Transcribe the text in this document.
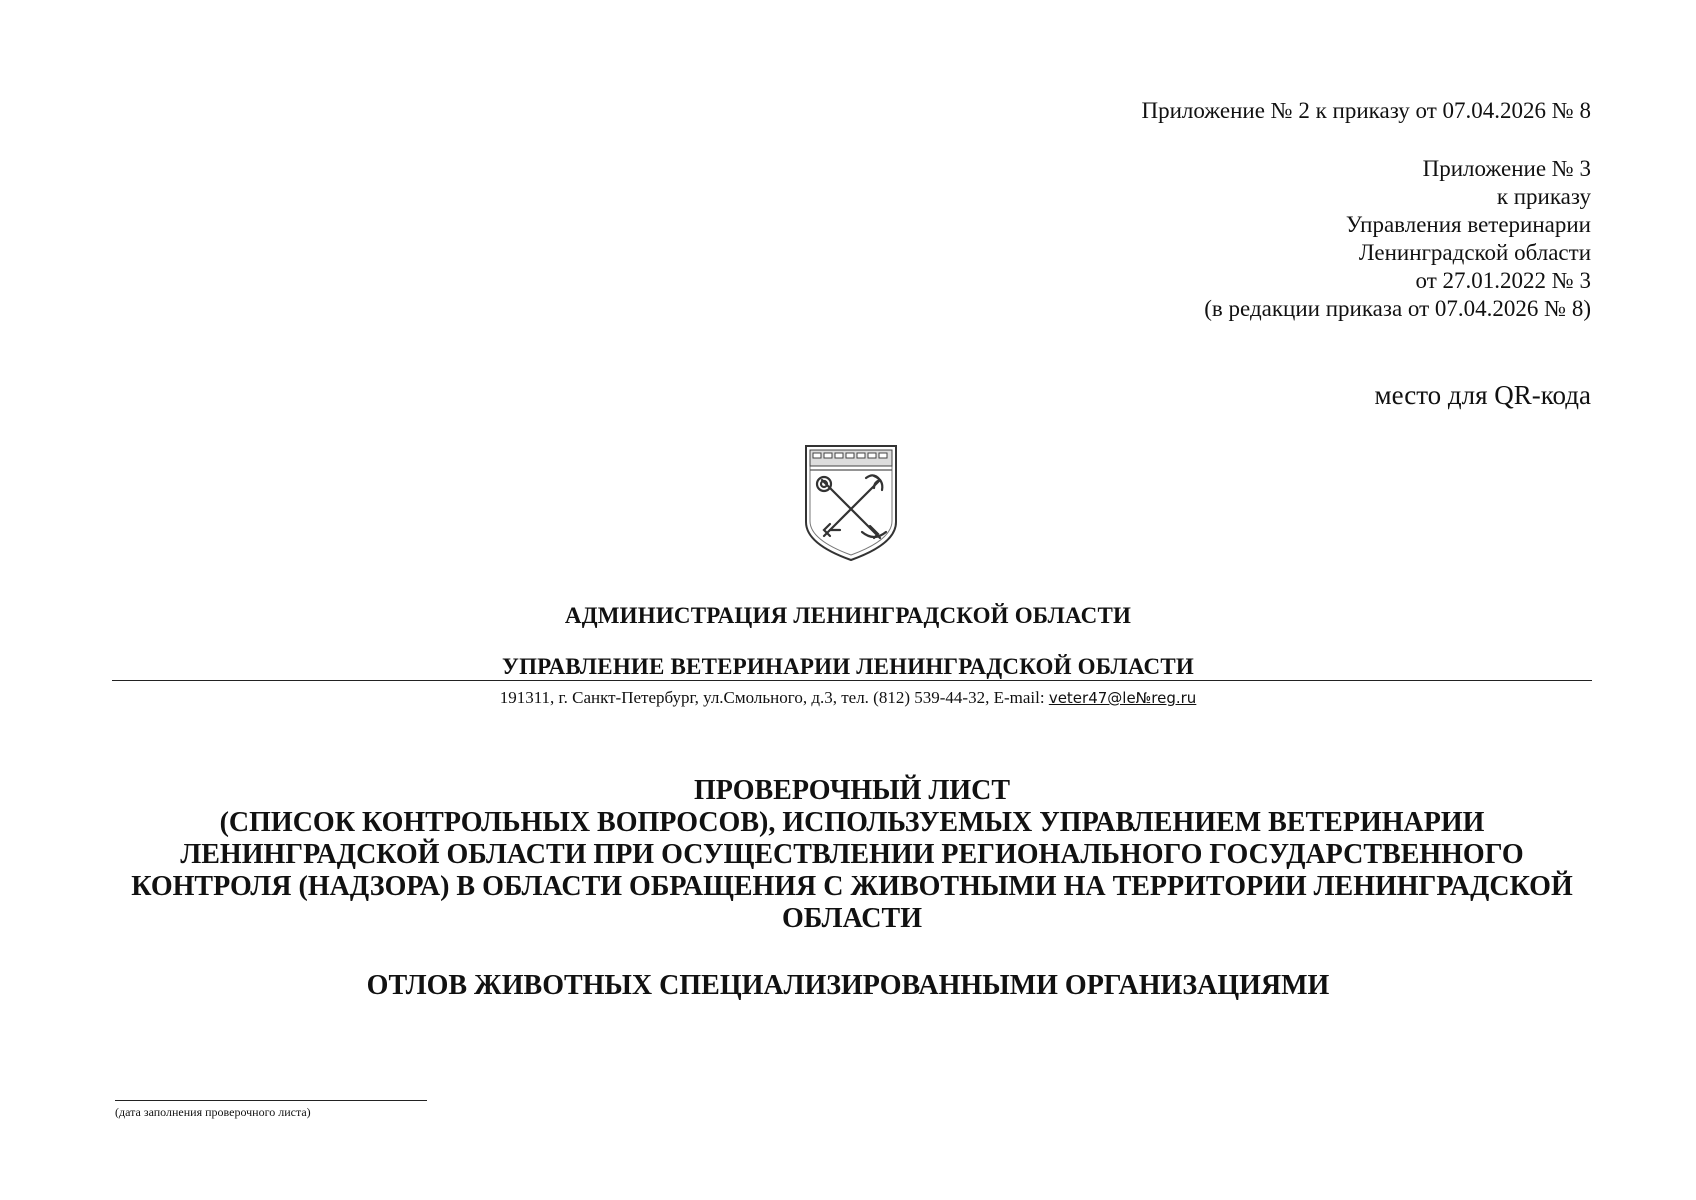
Приложение № 2 к приказу от 07.04.2026 № 8
Приложение № 3
к приказу
Управления ветеринарии
Ленинградской области
от 27.01.2022 № 3
(в редакции приказа от 07.04.2026 № 8)
место для QR-кода
АДМИНИСТРАЦИЯ ЛЕНИНГРАДСКОЙ ОБЛАСТИ
УПРАВЛЕНИЕ ВЕТЕРИНАРИИ ЛЕНИНГРАДСКОЙ ОБЛАСТИ
191311, г. Санкт-Петербург, ул.Смольного, д.3, тел. (812) 539-44-32, E-mail: veter47@le№reg.ru
ПРОВЕРОЧНЫЙ ЛИСТ
(СПИСОК КОНТРОЛЬНЫХ ВОПРОСОВ), ИСПОЛЬЗУЕМЫХ УПРАВЛЕНИЕМ ВЕТЕРИНАРИИ
ЛЕНИНГРАДСКОЙ ОБЛАСТИ ПРИ ОСУЩЕСТВЛЕНИИ РЕГИОНАЛЬНОГО ГОСУДАРСТВЕННОГО
КОНТРОЛЯ (НАДЗОРА) В ОБЛАСТИ ОБРАЩЕНИЯ С ЖИВОТНЫМИ НА ТЕРРИТОРИИ ЛЕНИНГРАДСКОЙ
ОБЛАСТИ
ОТЛОВ ЖИВОТНЫХ СПЕЦИАЛИЗИРОВАННЫМИ ОРГАНИЗАЦИЯМИ
(дата заполнения проверочного листа)
